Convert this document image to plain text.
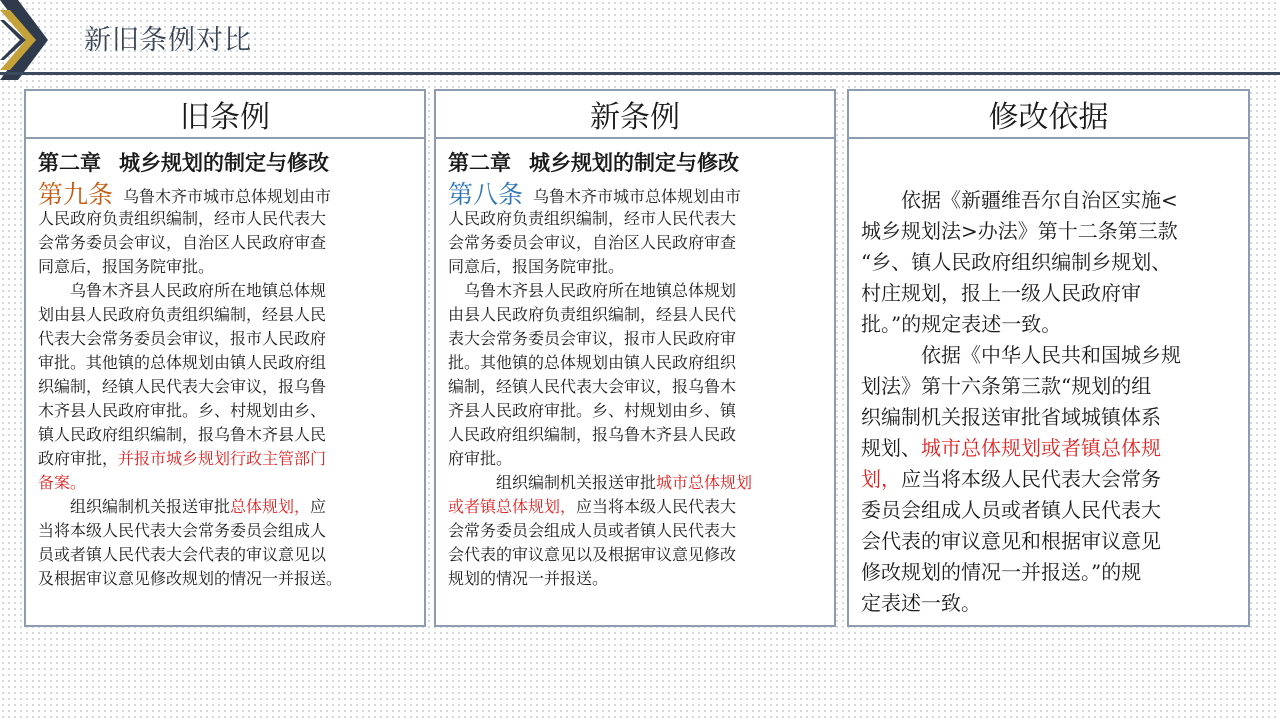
新旧条例对比
旧条例
第二章 城乡规划的制定与修改
第九条 乌鲁木齐市城市总体规划由市
人民政府负责组织编制，经市人民代表大
会常务委员会审议，自治区人民政府审查
同意后，报国务院审批。
　　乌鲁木齐县人民政府所在地镇总体规
划由县人民政府负责组织编制，经县人民
代表大会常务委员会审议，报市人民政府
审批。其他镇的总体规划由镇人民政府组
织编制，经镇人民代表大会审议，报乌鲁
木齐县人民政府审批。乡、村规划由乡、
镇人民政府组织编制，报乌鲁木齐县人民
政府审批，并报市城乡规划行政主管部门
备案。
　　组织编制机关报送审批总体规划，应
当将本级人民代表大会常务委员会组成人
员或者镇人民代表大会代表的审议意见以
及根据审议意见修改规划的情况一并报送。
新条例
第二章 城乡规划的制定与修改
第八条 乌鲁木齐市城市总体规划由市
人民政府负责组织编制，经市人民代表大
会常务委员会审议，自治区人民政府审查
同意后，报国务院审批。
　乌鲁木齐县人民政府所在地镇总体规划
由县人民政府负责组织编制，经县人民代
表大会常务委员会审议，报市人民政府审
批。其他镇的总体规划由镇人民政府组织
编制，经镇人民代表大会审议，报乌鲁木
齐县人民政府审批。乡、村规划由乡、镇
人民政府组织编制，报乌鲁木齐县人民政
府审批。
　　　组织编制机关报送审批城市总体规划
或者镇总体规划，应当将本级人民代表大
会常务委员会组成人员或者镇人民代表大
会代表的审议意见以及根据审议意见修改
规划的情况一并报送。
修改依据
　　依据《新疆维吾尔自治区实施<
城乡规划法>办法》第十二条第三款
“乡、镇人民政府组织编制乡规划、
村庄规划，报上一级人民政府审
批。”的规定表述一致。
　　　依据《中华人民共和国城乡规
划法》第十六条第三款“规划的组
织编制机关报送审批省域城镇体系
规划、城市总体规划或者镇总体规
划，应当将本级人民代表大会常务
委员会组成人员或者镇人民代表大
会代表的审议意见和根据审议意见
修改规划的情况一并报送。”的规
定表述一致。
